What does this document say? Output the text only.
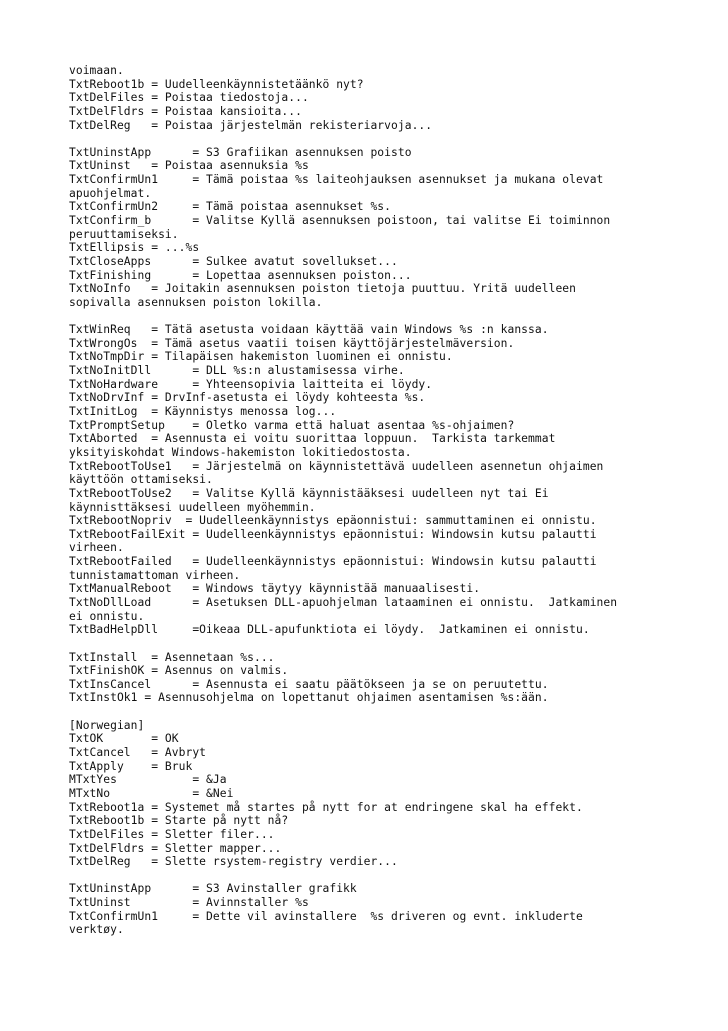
voimaan.
TxtReboot1b = Uudelleenkäynnistetäänkö nyt?
TxtDelFiles = Poistaa tiedostoja...
TxtDelFldrs = Poistaa kansioita...
TxtDelReg   = Poistaa järjestelmän rekisteriarvoja...
TxtUninstApp      = S3 Grafiikan asennuksen poisto
TxtUninst   = Poistaa asennuksia %s
TxtConfirmUn1     = Tämä poistaa %s laiteohjauksen asennukset ja mukana olevat
apuohjelmat.
TxtConfirmUn2     = Tämä poistaa asennukset %s.
TxtConfirm_b      = Valitse Kyllä asennuksen poistoon, tai valitse Ei toiminnon
peruuttamiseksi.
TxtEllipsis = ...%s
TxtCloseApps      = Sulkee avatut sovellukset...
TxtFinishing      = Lopettaa asennuksen poiston...
TxtNoInfo   = Joitakin asennuksen poiston tietoja puuttuu. Yritä uudelleen
sopivalla asennuksen poiston lokilla.
TxtWinReq   = Tätä asetusta voidaan käyttää vain Windows %s :n kanssa.
TxtWrongOs  = Tämä asetus vaatii toisen käyttöjärjestelmäversion.
TxtNoTmpDir = Tilapäisen hakemiston luominen ei onnistu.
TxtNoInitDll      = DLL %s:n alustamisessa virhe.
TxtNoHardware     = Yhteensopivia laitteita ei löydy.
TxtNoDrvInf = DrvInf-asetusta ei löydy kohteesta %s.
TxtInitLog  = Käynnistys menossa log...
TxtPromptSetup    = Oletko varma että haluat asentaa %s-ohjaimen?
TxtAborted  = Asennusta ei voitu suorittaa loppuun.  Tarkista tarkemmat
yksityiskohdat Windows-hakemiston lokitiedostosta.
TxtRebootToUse1   = Järjestelmä on käynnistettävä uudelleen asennetun ohjaimen
käyttöön ottamiseksi.
TxtRebootToUse2   = Valitse Kyllä käynnistääksesi uudelleen nyt tai Ei
käynnisttäksesi uudelleen myöhemmin.
TxtRebootNopriv  = Uudelleenkäynnistys epäonnistui: sammuttaminen ei onnistu.
TxtRebootFailExit = Uudelleenkäynnistys epäonnistui: Windowsin kutsu palautti
virheen.
TxtRebootFailed   = Uudelleenkäynnistys epäonnistui: Windowsin kutsu palautti
tunnistamattoman virheen.
TxtManualReboot   = Windows täytyy käynnistää manuaalisesti.
TxtNoDllLoad      = Asetuksen DLL-apuohjelman lataaminen ei onnistu.  Jatkaminen
ei onnistu.
TxtBadHelpDll     =Oikeaa DLL-apufunktiota ei löydy.  Jatkaminen ei onnistu.
TxtInstall  = Asennetaan %s...
TxtFinishOK = Asennus on valmis.
TxtInsCancel      = Asennusta ei saatu päätökseen ja se on peruutettu.
TxtInstOk1 = Asennusohjelma on lopettanut ohjaimen asentamisen %s:ään.
[Norwegian]
TxtOK       = OK
TxtCancel   = Avbryt
TxtApply    = Bruk
MTxtYes           = &Ja
MTxtNo            = &Nei
TxtReboot1a = Systemet må startes på nytt for at endringene skal ha effekt.
TxtReboot1b = Starte på nytt nå?
TxtDelFiles = Sletter filer...
TxtDelFldrs = Sletter mapper...
TxtDelReg   = Slette rsystem-registry verdier...
TxtUninstApp      = S3 Avinstaller grafikk
TxtUninst         = Avinnstaller %s
TxtConfirmUn1     = Dette vil avinstallere  %s driveren og evnt. inkluderte
verktøy.
